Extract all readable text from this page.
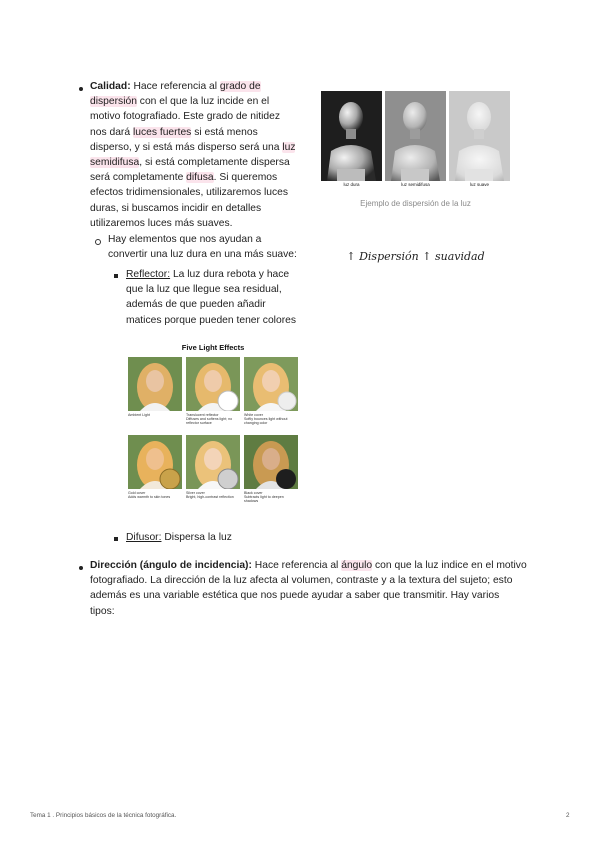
Calidad: Hace referencia al grado de
dispersión con el que la luz incide en el
motivo fotografiado. Este grado de nitidez
nos dará luces fuertes si está menos
disperso, y si está más disperso será una luz
semidifusa, si está completamente dispersa
será completamente difusa. Si queremos
efectos tridimensionales, utilizaremos luces
duras, si buscamos incidir en detalles
utilizaremos luces más suaves.
Hay elementos que nos ayudan a
convertir una luz dura en una más suave:
Reflector: La luz dura rebota y hace
que la luz que llegue sea residual,
además de que pueden añadir
matices porque pueden tener colores
luz dura	luz semidifusa	luz suave
Ejemplo de dispersión de la luz
↑ Dispersión ↑ suavidad
Five Light Effects
Ambient Light	Translucent reflector
Diffuses and softens light; no reflector surface
White cover
Softly bounces light without changing color
Gold cover
Adds warmth to skin tones
Silver cover
Bright, high-contrast reflection
Black cover
Subtracts light to deepen shadows
Difusor: Dispersa la luz
Dirección (ángulo de incidencia): Hace referencia al ángulo con que la luz indice en el motivo
fotografiado. La dirección de la luz afecta al volumen, contraste y a la textura del sujeto; esto
además es una variable estética que nos puede ayudar a saber que transmitir. Hay varios
tipos:
Tema 1 . Principios básicos de la técnica fotográfica.	2
